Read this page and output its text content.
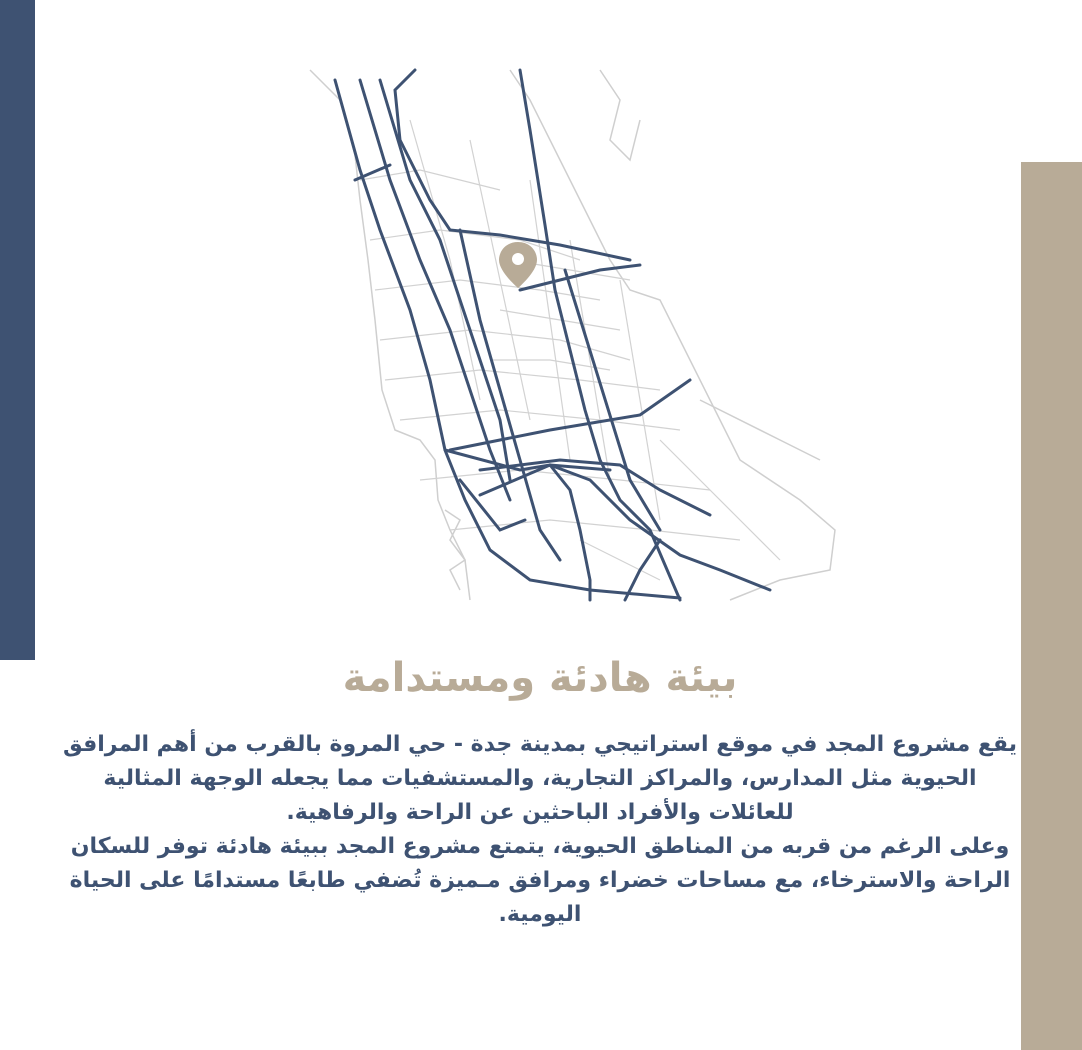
بيئة هادئة ومستدامة

يقع مشروع المجد في موقع استراتيجي بمدينة جدة - حي المروة بالقرب من أهم المرافق الحيوية مثل المدارس، والمراكز التجارية، والمستشفيات مما يجعله الوجهة المثالية للعائلات والأفراد الباحثين عن الراحة والرفاهية.

وعلى الرغم من قربه من المناطق الحيوية، يتمتع مشروع المجد ببيئة هادئة توفر للسكان الراحة والاسترخاء، مع مساحات خضراء ومرافق مـميزة تُضفي طابعًا مستدامًا على الحياة اليومية.
